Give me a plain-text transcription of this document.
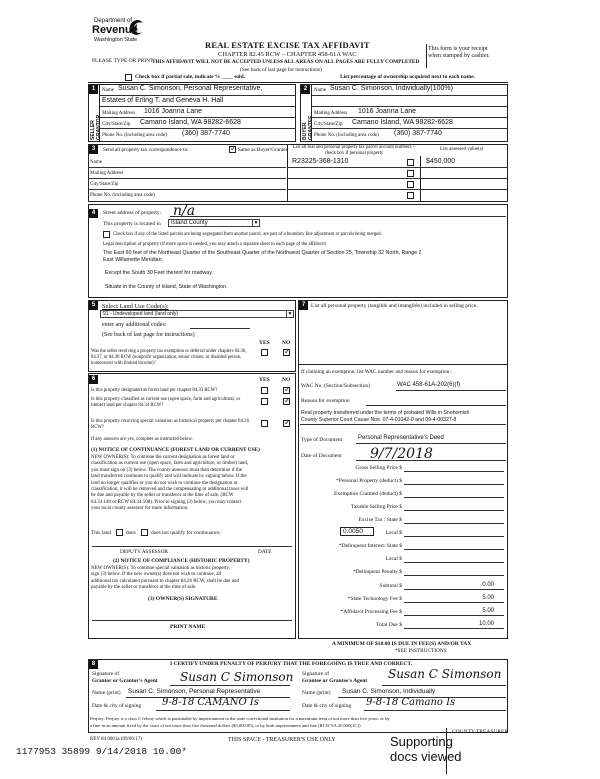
Department of
Revenue
Washington State	REAL ESTATE EXCISE TAX AFFIDAVIT
CHAPTER 82.45 RCW – CHAPTER 458-61A WAC
PLEASE TYPE OR PRINT
THIS AFFIDAVIT WILL NOT BE ACCEPTED UNLESS ALL AREAS ON ALL PAGES ARE FULLY COMPLETED
(See back of last page for instructions)
This form is your receipt
when stamped by cashier.
Check box if partial sale, indicate % ____ sold.	List percentage of ownership acquired next to each name.
1
SELLER GRANTOR
Name Susan C. Simonson, Personal Representative,
Estates of Erling T. and Geneva H. Hall
Mailing Address 1016 Joanna Lane
City/State/Zip Camano Island, WA 98282-6628
Phone No. (including area code) (360) 387-7740
2
BUYER GRANTEE
Name Susan C. Simonson, Individually(100%)
Mailing Address 1016 Joanna Lane
City/State/Zip Camano Island, WA 98282-6628
Phone No. (including area code) (360) 387-7740
3	Send all property tax correspondence to:
✓	Same as Buyer/Grantee
Name
Mailing Address
City/State/Zip
Phone No. (including area code)
List all real and personal property tax parcel account numbers – check box if personal property
List assessed value(s)
R23225-368-1310	$450,000
4	Street address of property: n/a
This property is located in	Island County	▼
Check box if any of the listed parcels are being segregated from another parcel, are part of a boundary line adjustment or parcels being merged.
Legal description of property (if more space is needed, you may attach a separate sheet to each page of the affidavit)
The East 60 feet of the Northeast Quarter of the Southeast Quarter of the Northwest Quarter of Section 25, Township 32 North, Range 2
East Willamette Meridian;
Except the South 30 Feet thereof for roadway.
Situate in the County of Island, State of Washington.
5	Select Land Use Code(s):
91 - Undeveloped land (land only)	▼
enter any additional codes:
(See back of last page for instructions)
YES NO
Was the seller receiving a property tax exemption or deferral under chapters 84.36, 84.37, or 84.38 RCW (nonprofit organization, senior citizen, or disabled person, homeowner with limited income)?
✓
6	YES NO
Is this property designated as forest land per chapter 84.33 RCW?
✓
Is this property classified as current use (open space, farm and agricultural, or timber) land per chapter 84.34 RCW?
✓
Is this property receiving special valuation as historical property per chapter 84.26 RCW?
✓
If any answers are yes, complete as instructed below.
(1) NOTICE OF CONTINUANCE (FOREST LAND OR CURRENT USE)
NEW OWNER(S): To continue the current designation as forest land or
classification as current use (open space, farm and agriculture, or timber) land,
you must sign on (3) below. The county assessor must then determine if the
land transferred continues to qualify and will indicate by signing below. If the
land no longer qualifies or you do not wish to continue the designation or
classification, it will be removed and the compensating or additional taxes will
be due and payable by the seller or transferor at the time of sale. (RCW
84.33.140 or RCW 84.34.108). Prior to signing (3) below, you may contact
your local county assessor for more information.
This land	does	does not qualify for continuance.
DEPUTY ASSESSOR	DATE
(2) NOTICE OF COMPLIANCE (HISTORIC PROPERTY)
NEW OWNER(S): To continue special valuation as historic property,
sign (3) below. If the new owner(s) does not wish to continue, all
additional tax calculated pursuant to chapter 84.26 RCW, shall be due and
payable by the seller or transferor at the time of sale.
(3) OWNER(S) SIGNATURE
PRINT NAME
7	List all personal property (tangible and intangible) included in selling price.
If claiming an exemption, list WAC number and reason for exemption:
WAC No. (Section/Subsection)	WAC 458-61A-202(6)(f)
Reason for exemption
Real property transferred under the terms of probated Wills in Snohomish
County Superior Court Cause Nos. 07-4-01042-0 and 09-4-00327-8
Type of Document	Personal Representative's Deed
Date of Document 9/7/2018
Gross Selling Price $
*Personal Property (deduct) $
Exemption Claimed (deduct) $
Taxable Selling Price $
Excise Tax : State $
0.0050	Local $
*Delinquent Interest: State $
Local $
*Delinquent Penalty $
Subtotal $	0.00
*State Technology Fee $	5.00
*Affidavit Processing Fee $	5.00
Total Due $	10.00
A MINIMUM OF $10.00 IS DUE IN FEE(S) AND/OR TAX
*SEE INSTRUCTIONS
8	I CERTIFY UNDER PENALTY OF PERJURY THAT THE FOREGOING IS TRUE AND CORRECT.
Signature of
Grantor or Grantor's Agent Susan C Simonson
Name (print) Susan C. Simonson, Personal Representative
Date & city of signing 9-8-18 CAMANO Is
Signature of
Grantee or Grantee's Agent Susan C Simonson
Name (print) Susan C. Simonson, Individually
Date & city of signing 9-8-18 Camano Is
Perjury: Perjury is a class C felony which is punishable by imprisonment in the state correctional institution for a maximum term of not more than five years, or by
a fine in an amount fixed by the court of not more than five thousand dollars ($5,000.00), or by both imprisonment and fine (RCW 9A.20.020(1C)).
REV 84 0001a (09/06/17)	THIS SPACE - TREASURER'S USE ONLY
COUNTY TREASURER
Supporting
docs viewed
1177953 35899 9/14/2018 10.00*
